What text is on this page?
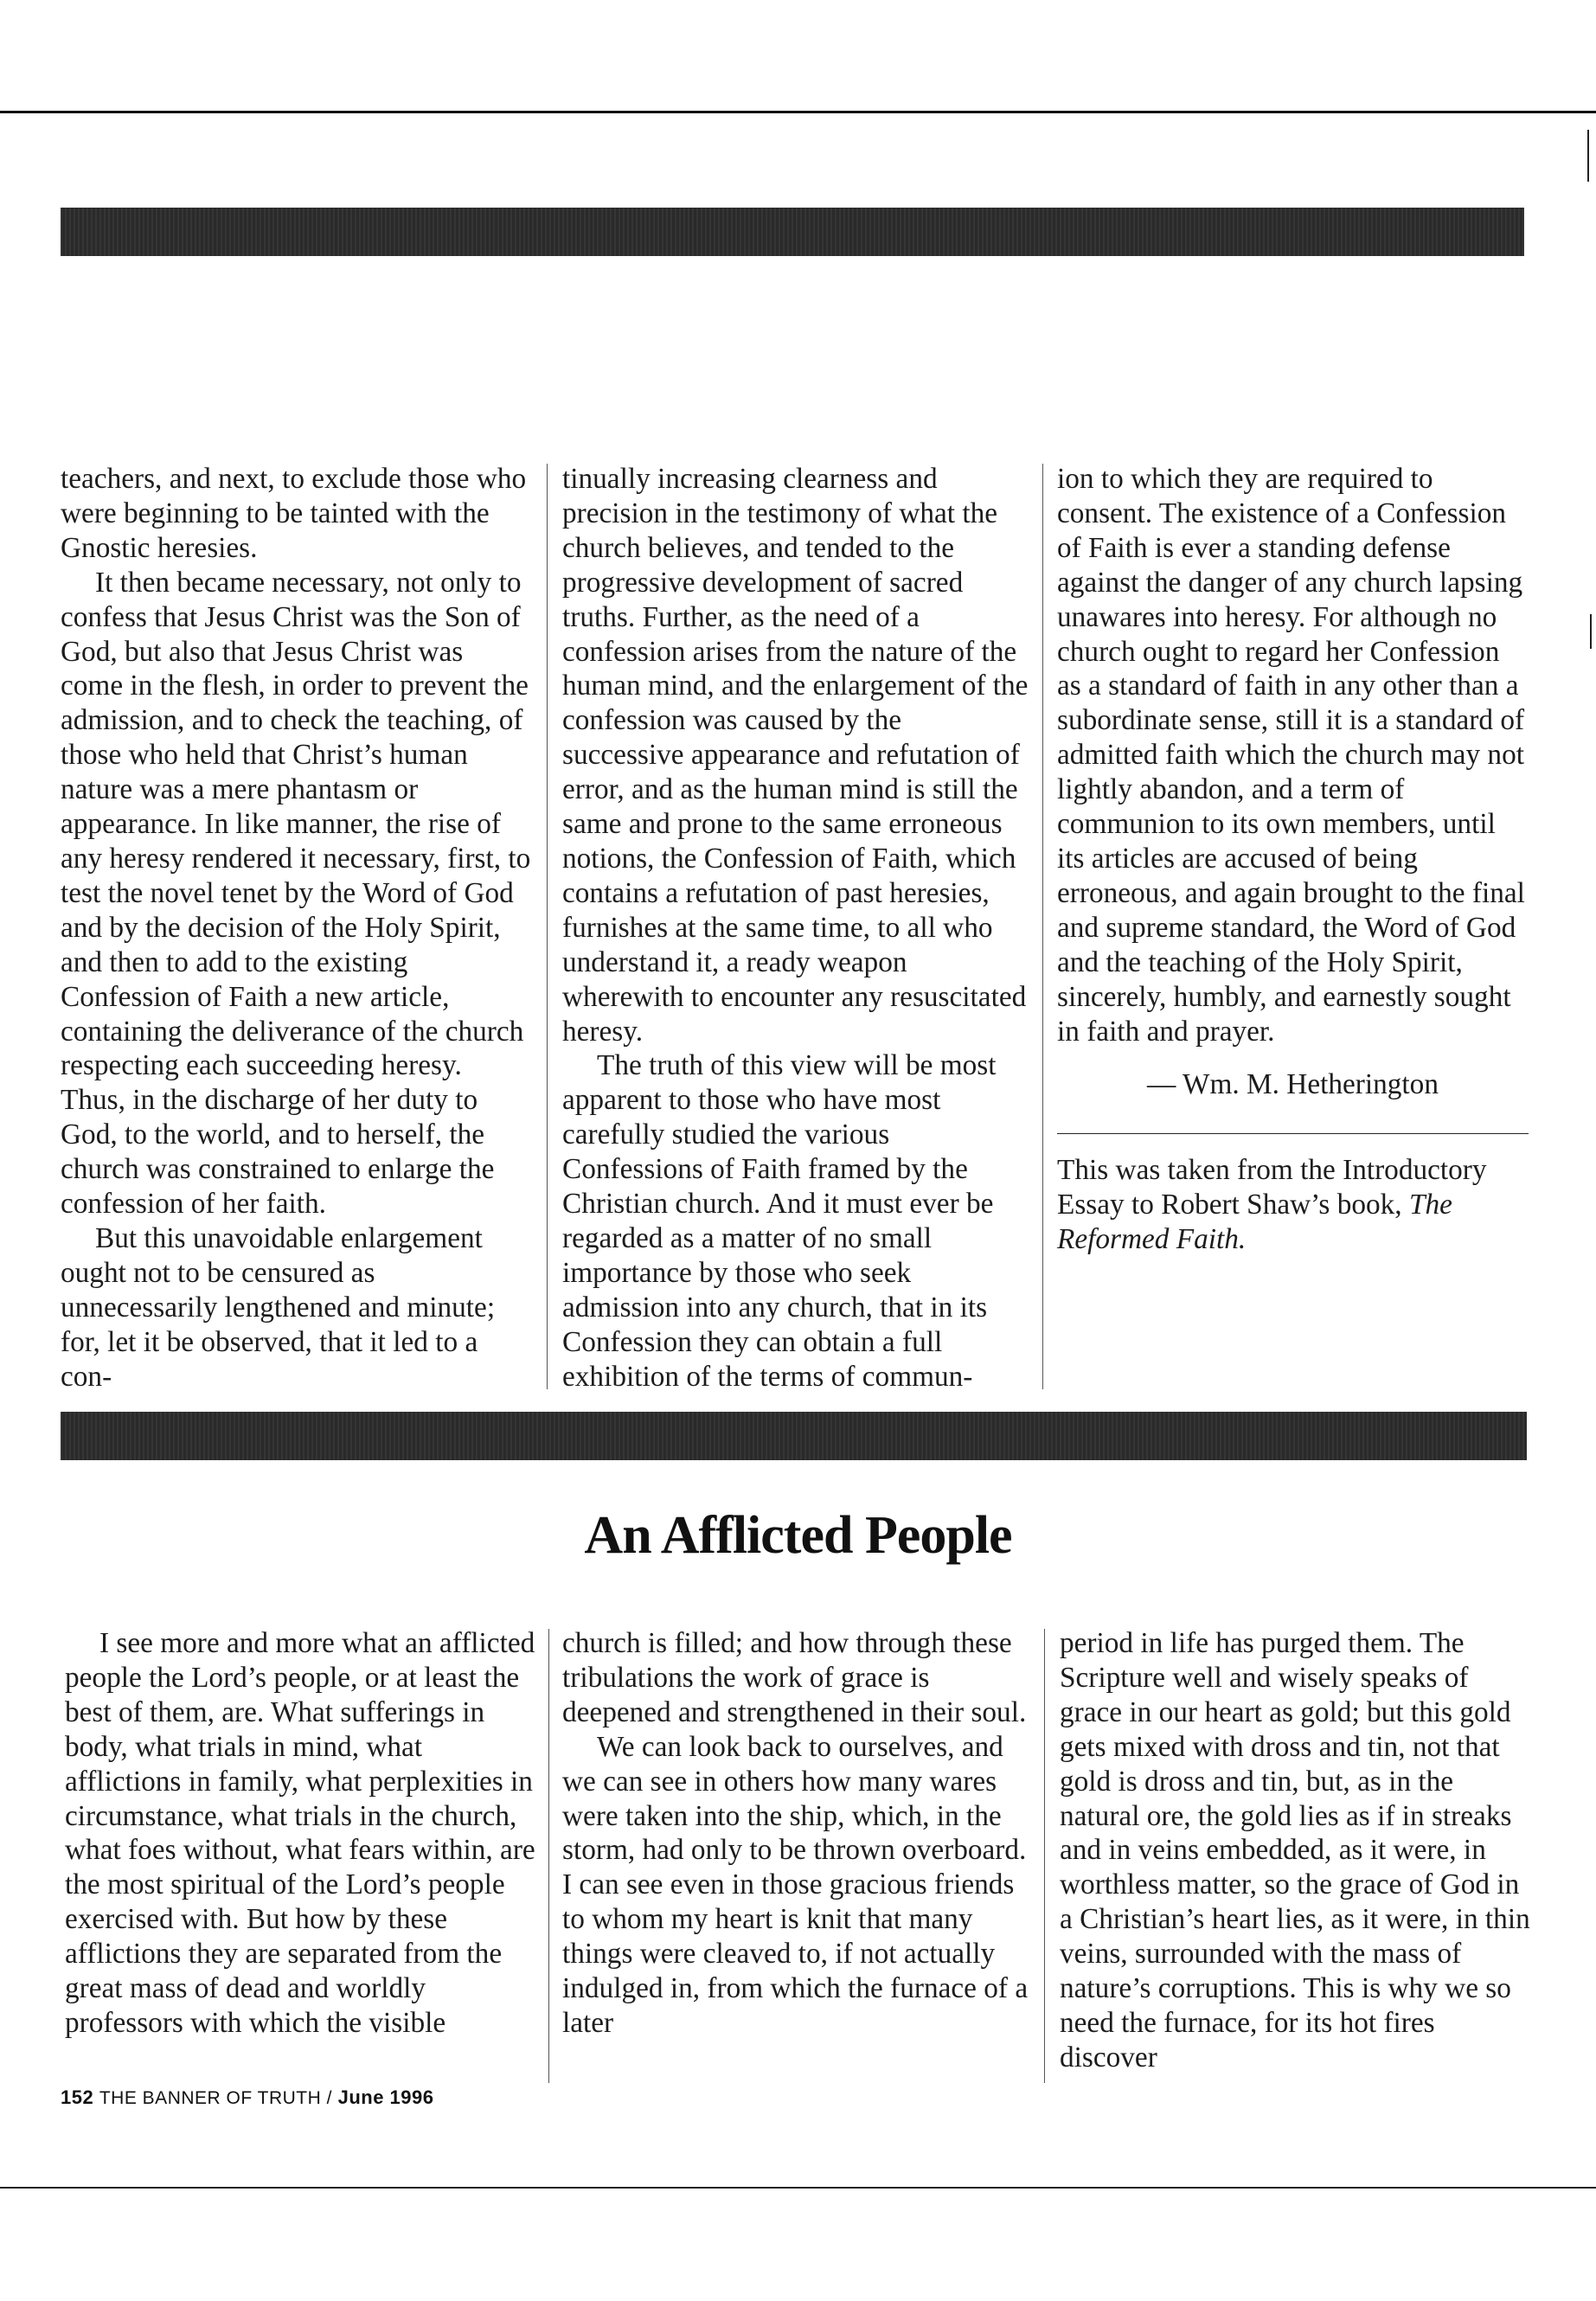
teachers, and next, to exclude those who were beginning to be tainted with the Gnostic heresies.

It then became necessary, not only to confess that Jesus Christ was the Son of God, but also that Jesus Christ was come in the flesh, in order to prevent the admission, and to check the teaching, of those who held that Christ’s human nature was a mere phantasm or appearance. In like manner, the rise of any heresy rendered it necessary, first, to test the novel tenet by the Word of God and by the decision of the Holy Spirit, and then to add to the existing Confession of Faith a new article, containing the deliverance of the church respecting each succeeding heresy. Thus, in the discharge of her duty to God, to the world, and to herself, the church was constrained to enlarge the confession of her faith.

But this unavoidable enlargement ought not to be censured as unnecessarily lengthened and minute; for, let it be observed, that it led to a con-

tinually increasing clearness and precision in the testimony of what the church believes, and tended to the progressive development of sacred truths. Further, as the need of a confession arises from the nature of the human mind, and the enlargement of the confession was caused by the successive appearance and refutation of error, and as the human mind is still the same and prone to the same erroneous notions, the Confession of Faith, which contains a refutation of past heresies, furnishes at the same time, to all who understand it, a ready weapon wherewith to encounter any resuscitated heresy.

The truth of this view will be most apparent to those who have most carefully studied the various Confessions of Faith framed by the Christian church. And it must ever be regarded as a matter of no small importance by those who seek admission into any church, that in its Confession they can obtain a full exhibition of the terms of commun-

ion to which they are required to consent. The existence of a Confession of Faith is ever a standing defense against the danger of any church lapsing unawares into heresy. For although no church ought to regard her Confession as a standard of faith in any other than a subordinate sense, still it is a standard of admitted faith which the church may not lightly abandon, and a term of communion to its own members, until its articles are accused of being erroneous, and again brought to the final and supreme standard, the Word of God and the teaching of the Holy Spirit, sincerely, humbly, and earnestly sought in faith and prayer.

— Wm. M. Hetherington

This was taken from the Introductory Essay to Robert Shaw’s book, The Reformed Faith.

An Afflicted People

I see more and more what an afflicted people the Lord’s people, or at least the best of them, are. What sufferings in body, what trials in mind, what afflictions in family, what perplexities in circumstance, what trials in the church, what foes without, what fears within, are the most spiritual of the Lord’s people exercised with. But how by these afflictions they are separated from the great mass of dead and worldly professors with which the visible

church is filled; and how through these tribulations the work of grace is deepened and strengthened in their soul.

We can look back to ourselves, and we can see in others how many wares were taken into the ship, which, in the storm, had only to be thrown overboard. I can see even in those gracious friends to whom my heart is knit that many things were cleaved to, if not actually indulged in, from which the furnace of a later

period in life has purged them. The Scripture well and wisely speaks of grace in our heart as gold; but this gold gets mixed with dross and tin, not that gold is dross and tin, but, as in the natural ore, the gold lies as if in streaks and in veins embedded, as it were, in worthless matter, so the grace of God in a Christian’s heart lies, as it were, in thin veins, surrounded with the mass of nature’s corruptions. This is why we so need the furnace, for its hot fires discover

152 THE BANNER OF TRUTH / June 1996
